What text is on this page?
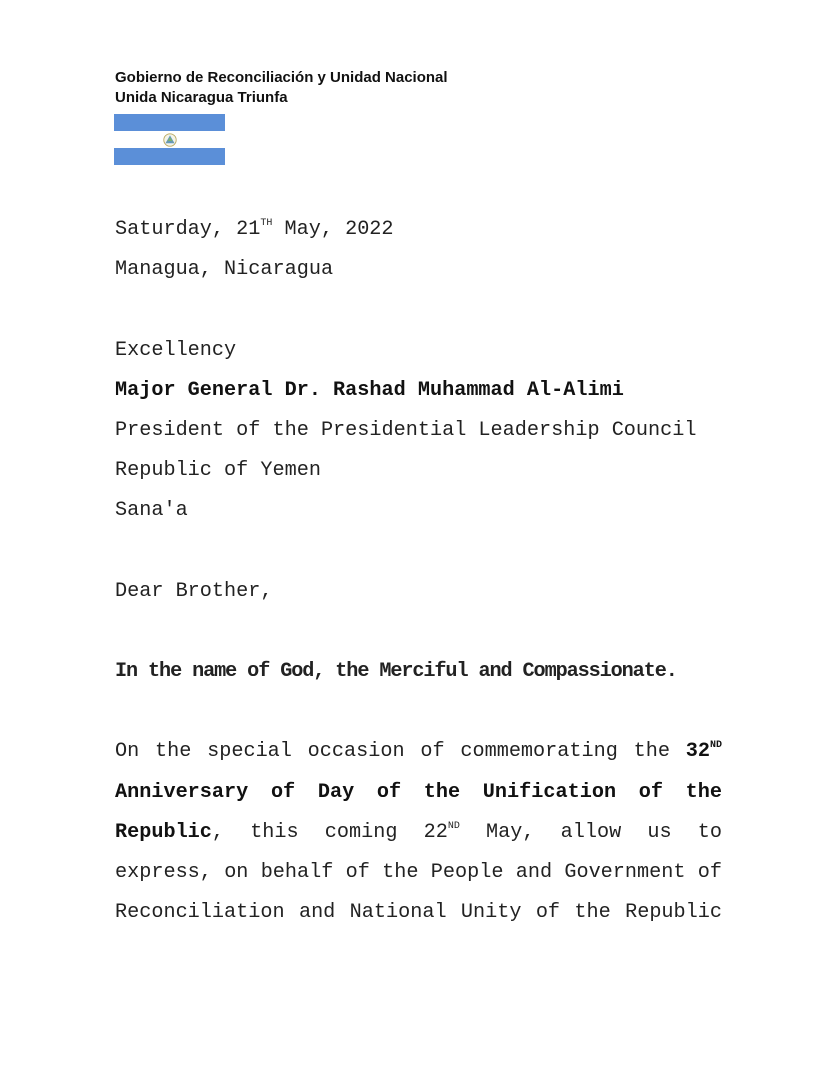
Gobierno de Reconciliación y Unidad Nacional
Unida Nicaragua Triunfa
Saturday, 21TH May, 2022
Managua, Nicaragua
Excellency
Major General Dr. Rashad Muhammad Al-Alimi
President of the Presidential Leadership Council
Republic of Yemen
Sana'a
Dear Brother,
In the name of God, the Merciful and Compassionate.
On the special occasion of commemorating the 32ND
Anniversary of Day of the Unification of the
Republic, this coming 22ND May, allow us to
express, on behalf of the People and Government of
Reconciliation and National Unity of the Republic
